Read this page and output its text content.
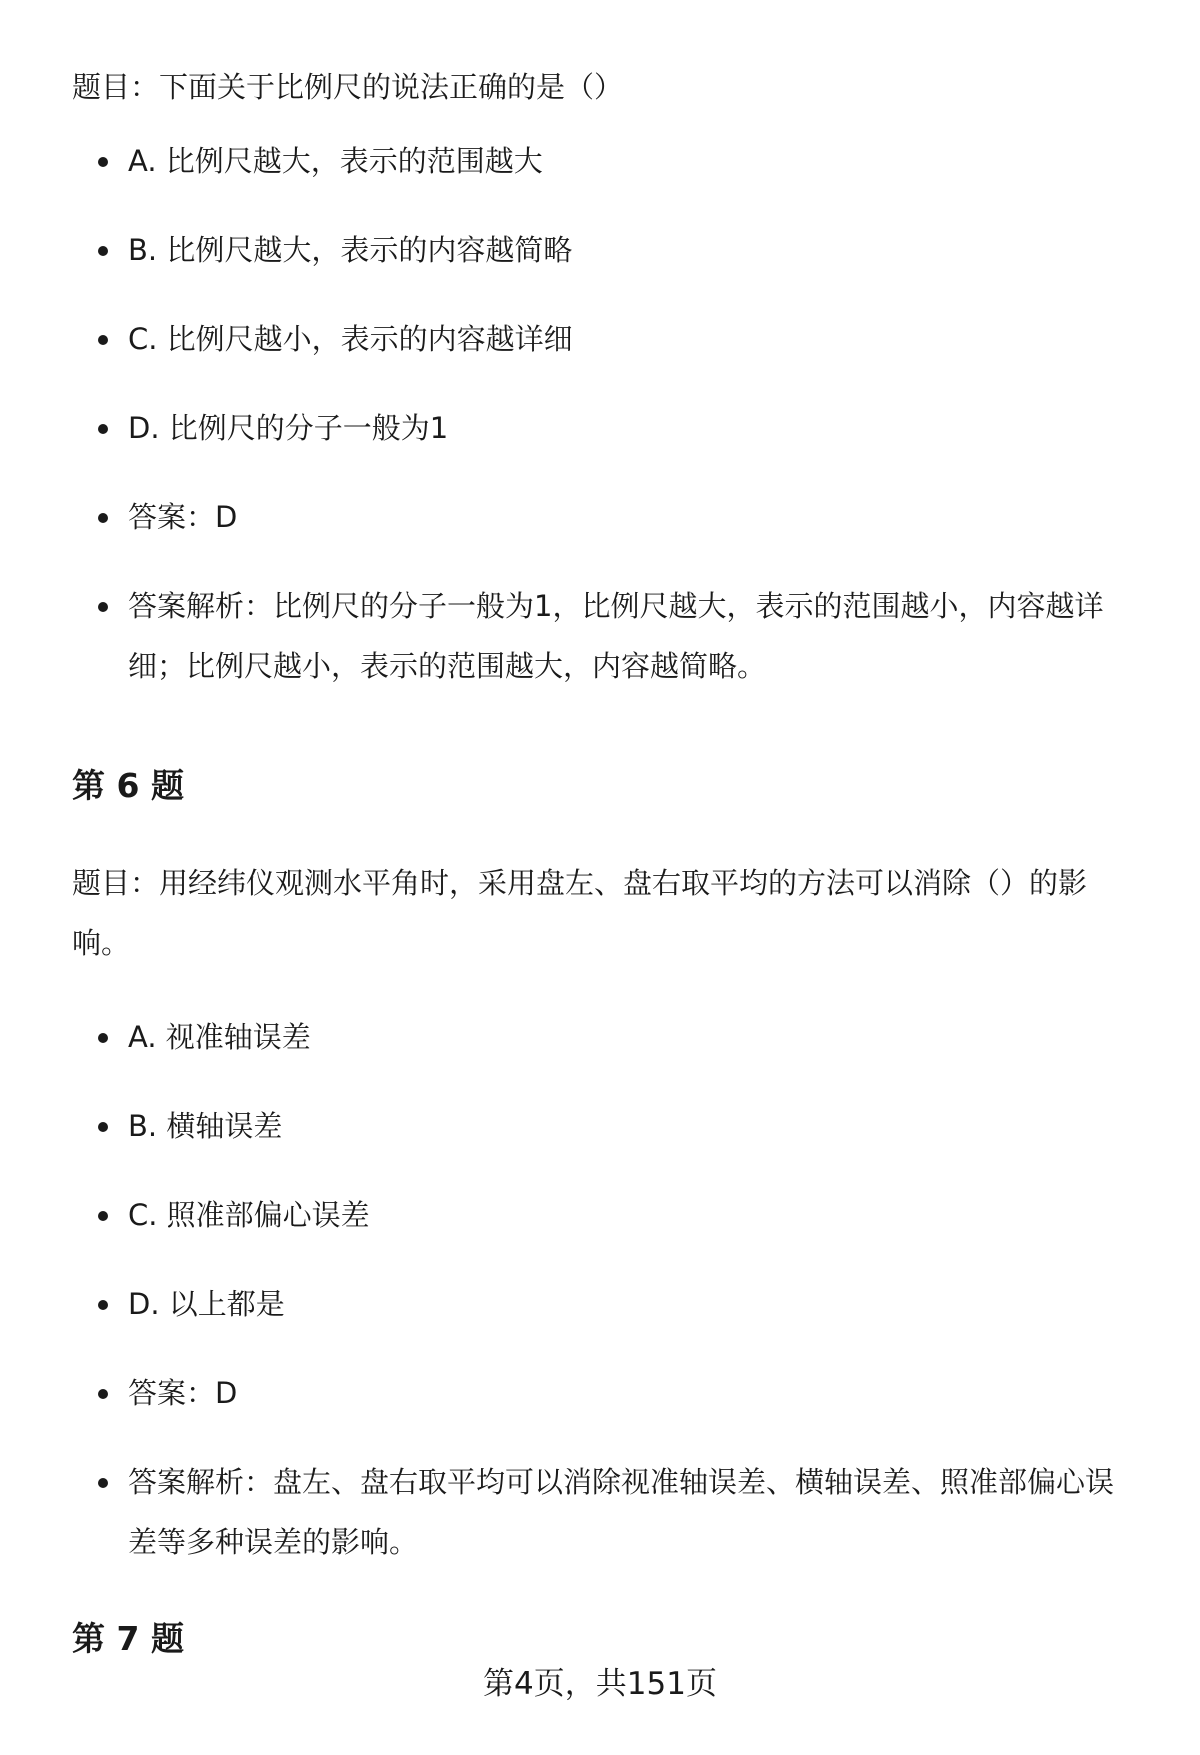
题目：下面关于比例尺的说法正确的是（）

A. 比例尺越大，表示的范围越大
B. 比例尺越大，表示的内容越简略
C. 比例尺越小，表示的内容越详细
D. 比例尺的分子一般为1
答案：D
答案解析：比例尺的分子一般为1，比例尺越大，表示的范围越小，内容越详细；比例尺越小，表示的范围越大，内容越简略。
第 6 题

题目：用经纬仪观测水平角时，采用盘左、盘右取平均的方法可以消除（）的影响。

A. 视准轴误差
B. 横轴误差
C. 照准部偏心误差
D. 以上都是
答案：D
答案解析：盘左、盘右取平均可以消除视准轴误差、横轴误差、照准部偏心误差等多种误差的影响。
第 7 题
第4页，共151页
